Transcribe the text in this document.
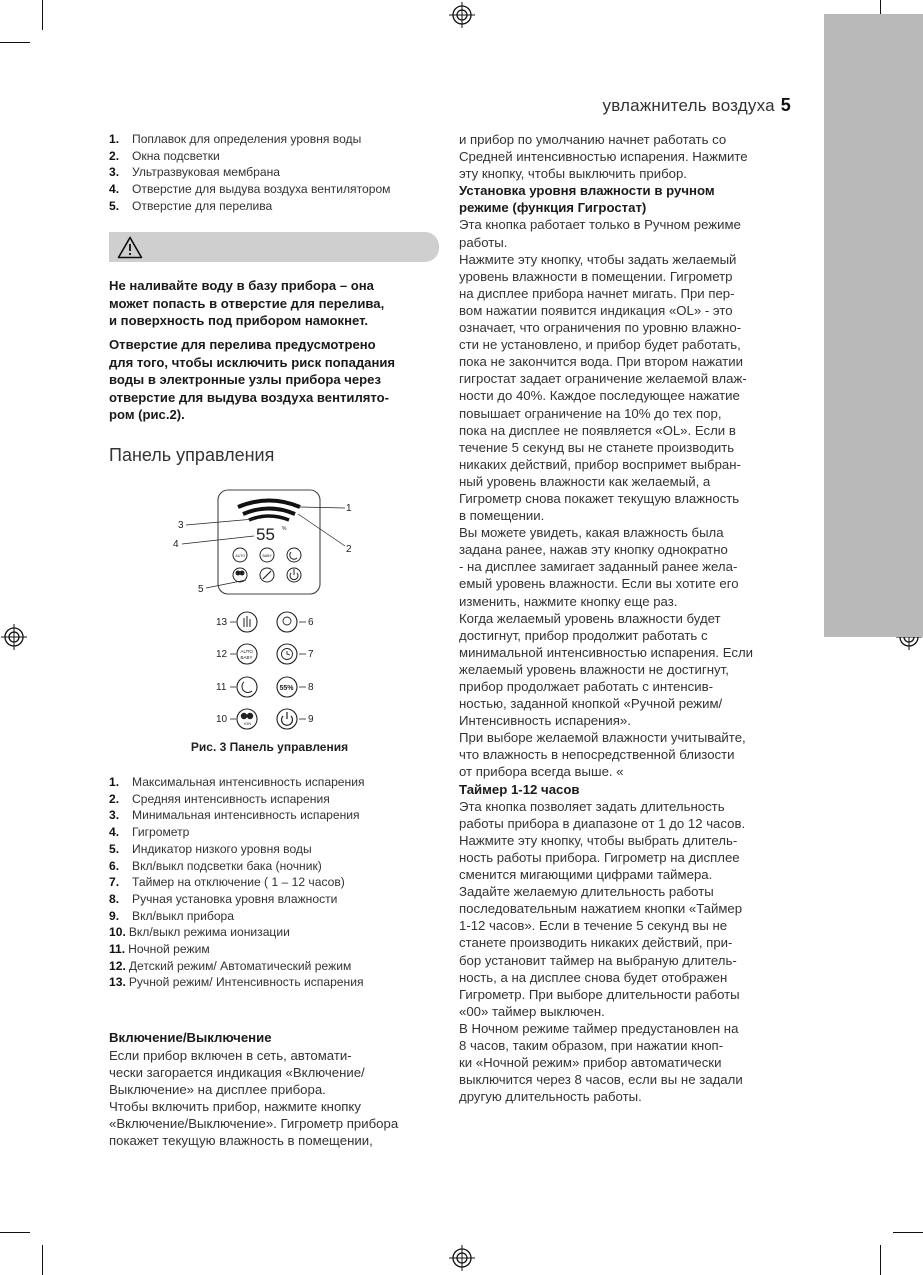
увлажнитель воздуха 5
1. Поплавок для определения уровня воды
2. Окна подсветки
3. Ультразвуковая мембрана
4. Отверстие для выдува воздуха вентилятором
5. Отверстие для перелива
Не наливайте воду в базу прибора – она
может попасть в отверстие для перелива,
и поверхность под прибором намокнет.
Отверстие для перелива предусмотрено
для того, чтобы исключить риск попадания
воды в электронные узлы прибора через
отверстие для выдува воздуха вентилято-
ром (рис.2).
Панель управления
55 %
AUTO	BABY
1
2
3
4
5
13	6
12	AUTO
BABY	7
11	55% 8
10	ION	9
Рис. 3 Панель управления
1. Максимальная интенсивность испарения
2. Средняя интенсивность испарения
3. Минимальная интенсивность испарения
4. Гигрометр
5. Индикатор низкого уровня воды
6. Вкл/выкл подсветки бака (ночник)
7. Таймер на отключение ( 1 – 12 часов)
8. Ручная установка уровня влажности
9. Вкл/выкл прибора
10. Вкл/выкл режима ионизации
11. Ночной режим
12. Детский режим/ Автоматический режим
13. Ручной режим/ Интенсивность испарения
Включение/Выключение

Если прибор включен в сеть, автомати-

чески загорается индикация «Включение/

Выключение» на дисплее прибора.

Чтобы включить прибор, нажмите кнопку

«Включение/Выключение». Гигрометр прибора

покажет текущую влажность в помещении,

и прибор по умолчанию начнет работать со

Средней интенсивностью испарения. Нажмите

эту кнопку, чтобы выключить прибор.

Установка уровня влажности в ручном

режиме (функция Гигростат)

Эта кнопка работает только в Ручном режиме

работы.

Нажмите эту кнопку, чтобы задать желаемый

уровень влажности в помещении. Гигрометр

на дисплее прибора начнет мигать. При пер-

вом нажатии появится индикация «OL» - это

означает, что ограничения по уровню влажно-

сти не установлено, и прибор будет работать,

пока не закончится вода. При втором нажатии

гигростат задает ограничение желаемой влаж-

ности до 40%. Каждое последующее нажатие

повышает ограничение на 10% до тех пор,

пока на дисплее не появляется «OL». Если в

течение 5 секунд вы не станете производить

никаких действий, прибор воспримет выбран-

ный уровень влажности как желаемый, а

Гигрометр снова покажет текущую влажность

в помещении.

Вы можете увидеть, какая влажность была

задана ранее, нажав эту кнопку однократно

- на дисплее замигает заданный ранее жела-

емый уровень влажности. Если вы хотите его

изменить, нажмите кнопку еще раз.

Когда желаемый уровень влажности будет

достигнут, прибор продолжит работать с

минимальной интенсивностью испарения. Если

желаемый уровень влажности не достигнут,

прибор продолжает работать с интенсив-

ностью, заданной кнопкой «Ручной режим/

Интенсивность испарения».

При выборе желаемой влажности учитывайте,

что влажность в непосредственной близости

от прибора всегда выше. «

Таймер 1-12 часов

Эта кнопка позволяет задать длительность

работы прибора в диапазоне от 1 до 12 часов.

Нажмите эту кнопку, чтобы выбрать длитель-

ность работы прибора. Гигрометр на дисплее

сменится мигающими цифрами таймера.

Задайте желаемую длительность работы

последовательным нажатием кнопки «Таймер

1-12 часов». Если в течение 5 секунд вы не

станете производить никаких действий, при-

бор установит таймер на выбраную длитель-

ность, а на дисплее снова будет отображен

Гигрометр. При выборе длительности работы

«00» таймер выключен.

В Ночном режиме таймер предустановлен на

8 часов, таким образом, при нажатии кноп-

ки «Ночной режим» прибор автоматически

выключится через 8 часов, если вы не задали

другую длительность работы.
